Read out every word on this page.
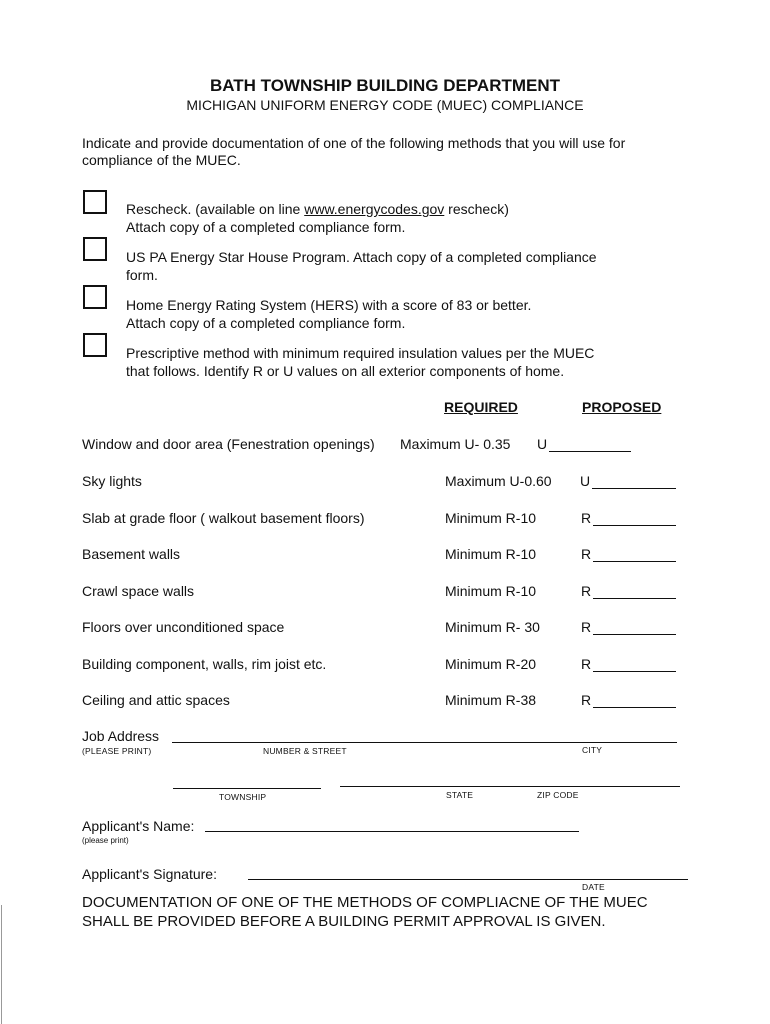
BATH TOWNSHIP BUILDING DEPARTMENT
MICHIGAN UNIFORM ENERGY CODE (MUEC) COMPLIANCE
Indicate and provide documentation of one of the following methods that you will use for
compliance of the MUEC.
Rescheck. (available on line www.energycodes.gov rescheck)
Attach copy of a completed compliance form.
US PA Energy Star House Program. Attach copy of a completed compliance
form.
Home Energy Rating System (HERS) with a score of 83 or better.
Attach copy of a completed compliance form.
Prescriptive method with minimum required insulation values per the MUEC
that follows. Identify R or U values on all exterior components of home.
REQUIRED	PROPOSED
Window and door area (Fenestration openings) Maximum U- 0.35 U
Sky lights	Maximum U-0.60 U
Slab at grade floor ( walkout basement floors)	Minimum R-10	R
Basement walls	Minimum R-10	R
Crawl space walls	Minimum R-10	R
Floors over unconditioned space	Minimum R- 30	R
Building component, walls, rim joist etc.	Minimum R-20	R
Ceiling and attic spaces	Minimum R-38	R
Job Address
(PLEASE PRINT)	NUMBER & STREET	CITY
TOWNSHIP	STATE	ZIP CODE
Applicant's Name:
(please print)
Applicant's Signature:
DATE
DOCUMENTATION OF ONE OF THE METHODS OF COMPLIACNE OF THE MUEC
SHALL BE PROVIDED BEFORE A BUILDING PERMIT APPROVAL IS GIVEN.
